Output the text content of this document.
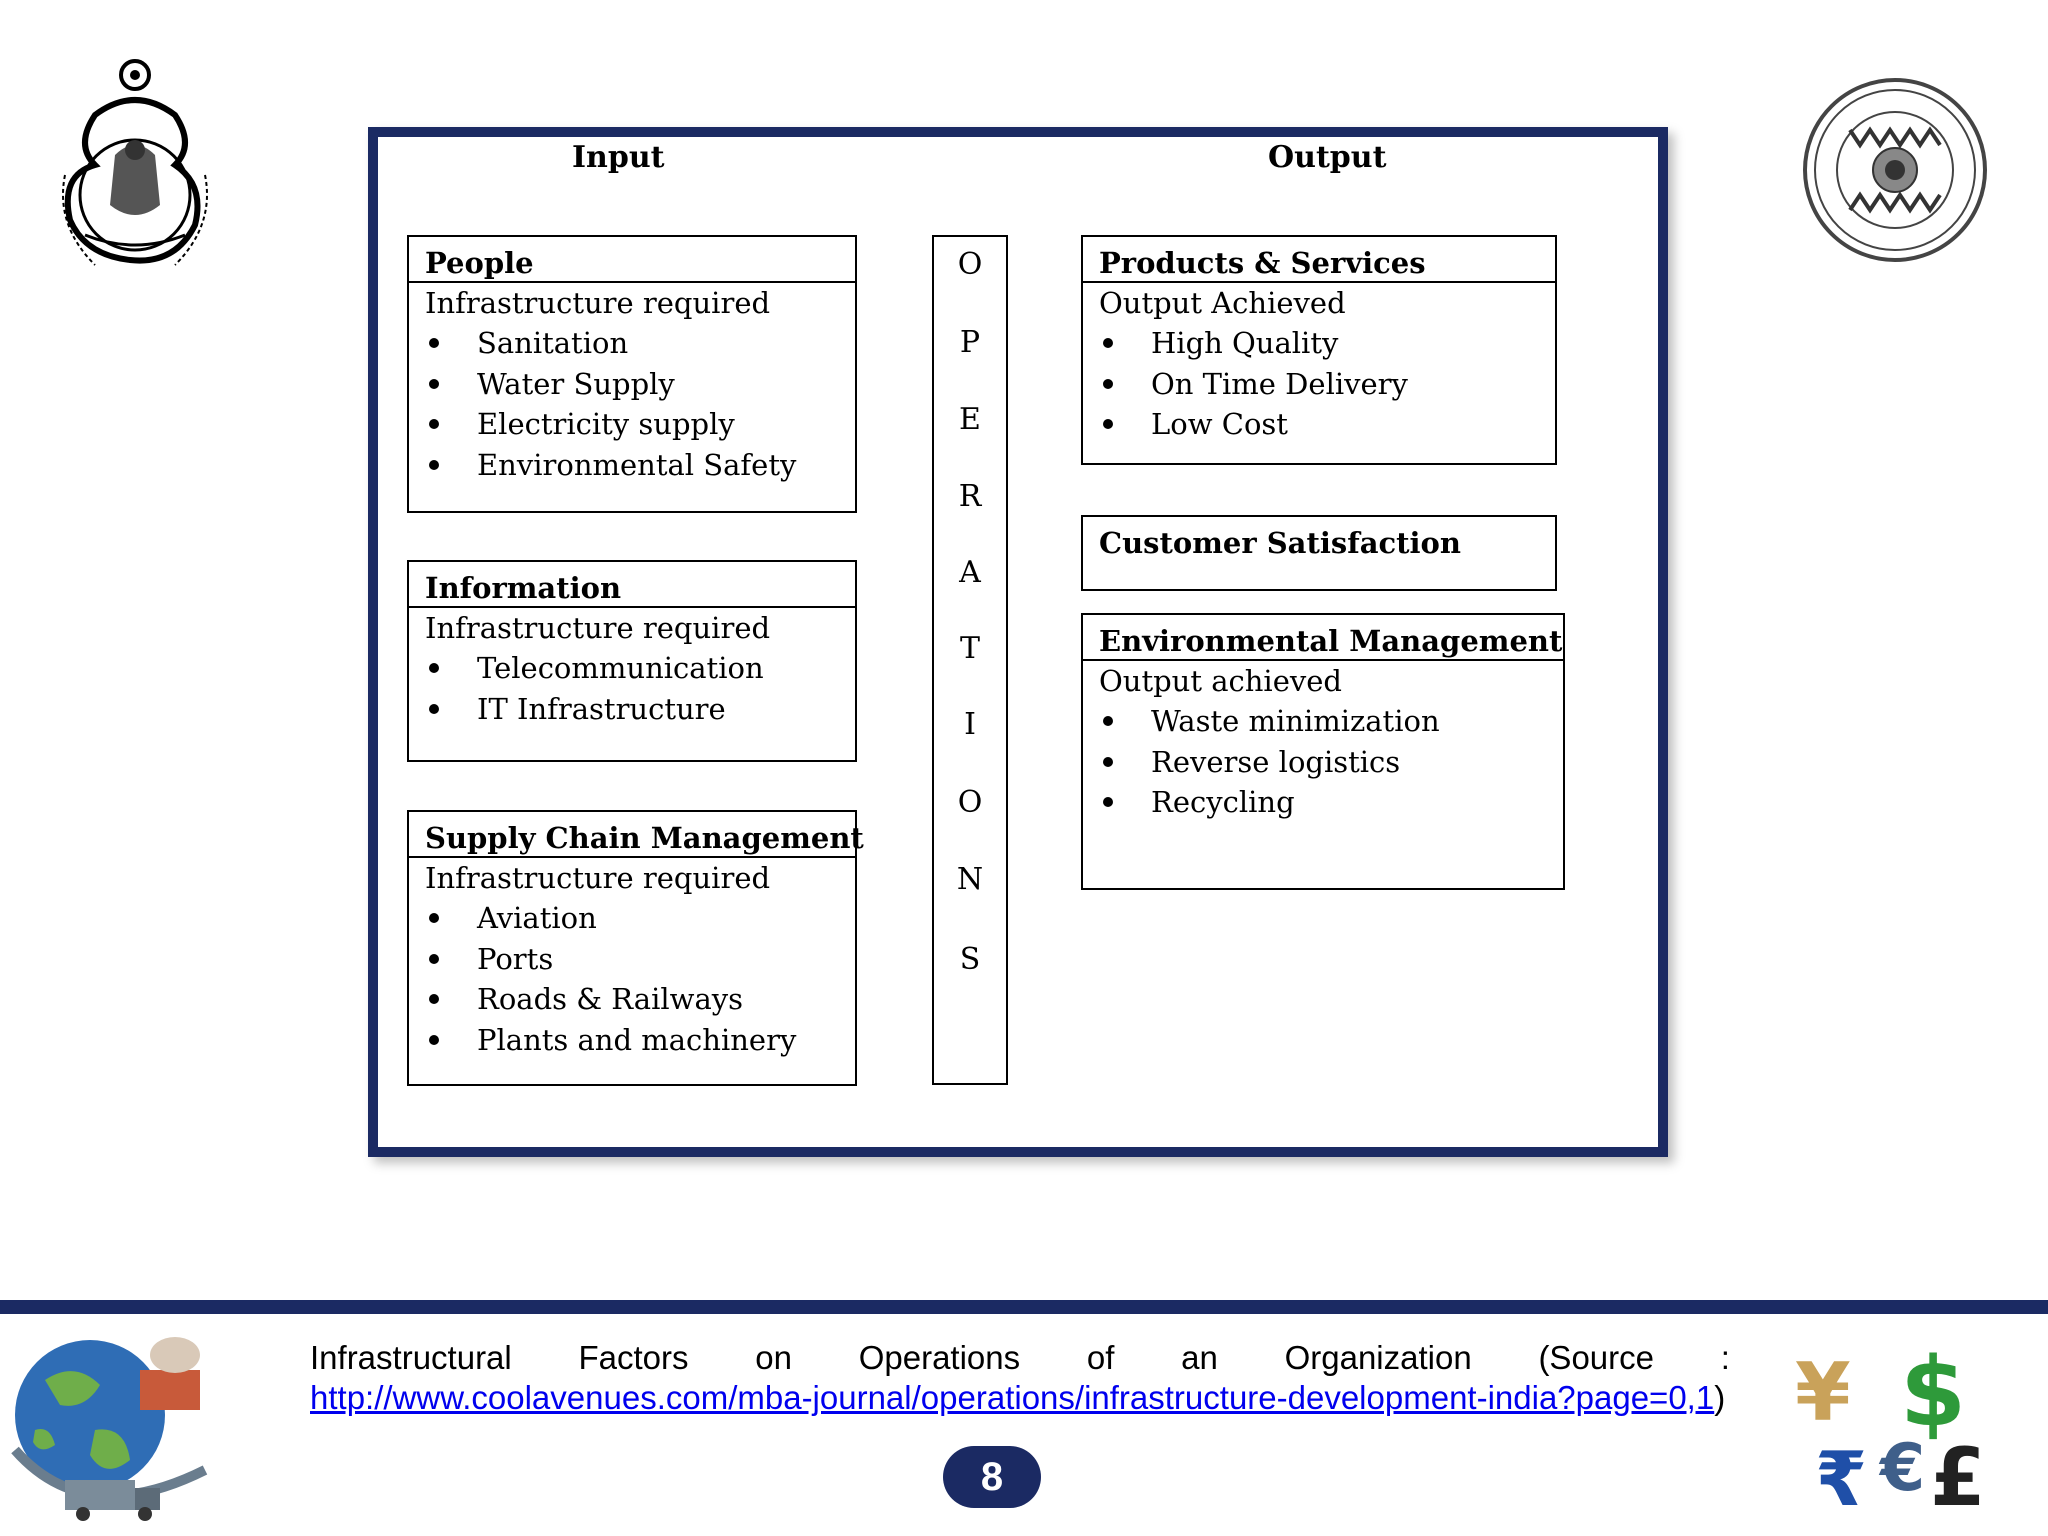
Input	Output
People
Infrastructure required
Sanitation
Water Supply
Electricity supply
Environmental Safety
Information
Infrastructure required
Telecommunication
IT Infrastructure
Supply Chain Management
Infrastructure required
Aviation
Ports
Roads & Railways
Plants and machinery
O
P
E
R
A
T
I
O
N
S
Products & Services
Output Achieved
High Quality
On Time Delivery
Low Cost
Customer Satisfaction
Environmental Management
Output achieved
Waste minimization
Reverse logistics
Recycling
Infrastructural Factors on Operations of an Organization (Source :
http://www.coolavenues.com/mba-journal/operations/infrastructure-development-india?page=0,1)
8
¥ $
₹ € £
